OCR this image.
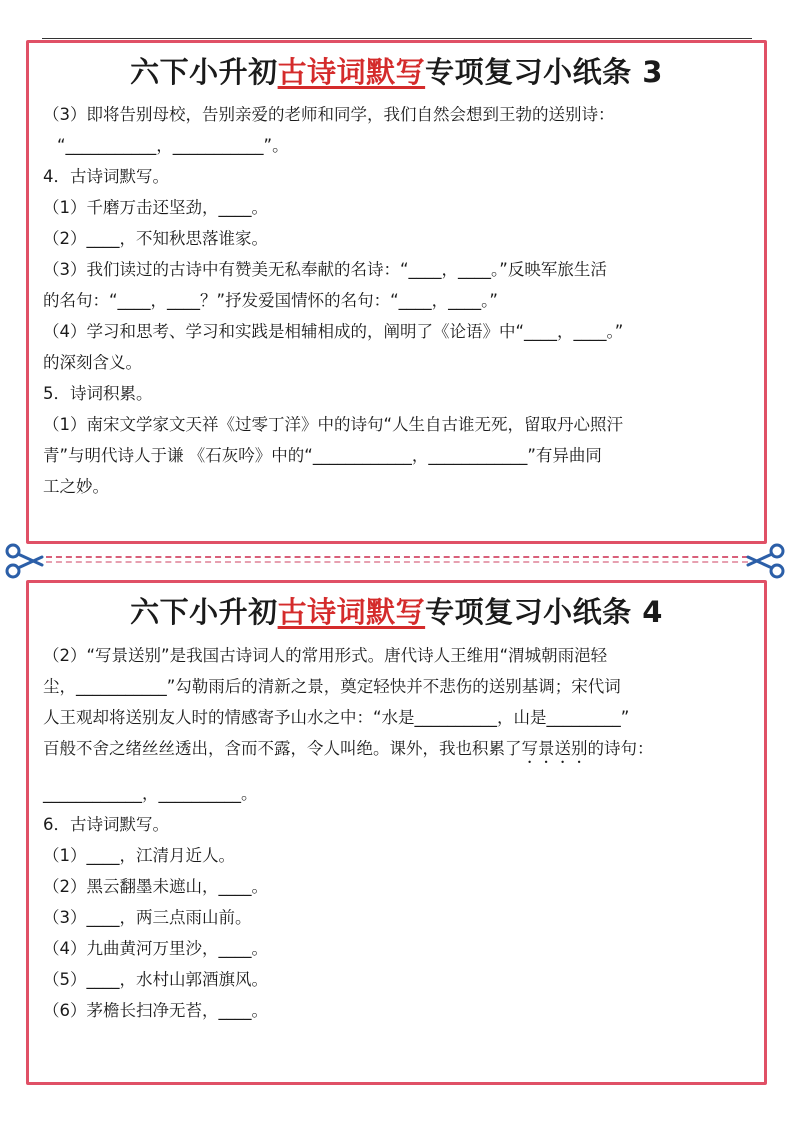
六下小升初古诗词默写专项复习小纸条 3
（3）即将告别母校，告别亲爱的老师和同学，我们自然会想到王勃的送别诗：
“___________，___________”。
4．古诗词默写。
（1）千磨万击还坚劲，____。
（2）____，不知秋思落谁家。
（3）我们读过的古诗中有赞美无私奉献的名诗：“____，____。”反映军旅生活
的名句：“____，____？”抒发爱国情怀的名句：“____，____。”
（4）学习和思考、学习和实践是相辅相成的，阐明了《论语》中“____，____。”
的深刻含义。
5．诗词积累。
（1）南宋文学家文天祥《过零丁洋》中的诗句“人生自古谁无死，留取丹心照汗
青”与明代诗人于谦 《石灰吟》中的“____________，____________”有异曲同
工之妙。
六下小升初古诗词默写专项复习小纸条 4
（2）“写景送别”是我国古诗词人的常用形式。唐代诗人王维用“渭城朝雨浥轻
尘，___________”勾勒雨后的清新之景，奠定轻快并不悲伤的送别基调；宋代词
人王观却将送别友人时的情感寄予山水之中：“水是__________，山是_________”
百般不舍之绪丝丝透出，含而不露，令人叫绝。课外，我也积累了写景送别的诗句：
____________，__________。
6．古诗词默写。
（1）____，江清月近人。
（2）黑云翻墨未遮山，____。
（3）____，两三点雨山前。
（4）九曲黄河万里沙，____。
（5）____，水村山郭酒旗风。
（6）茅檐长扫净无苔，____。
